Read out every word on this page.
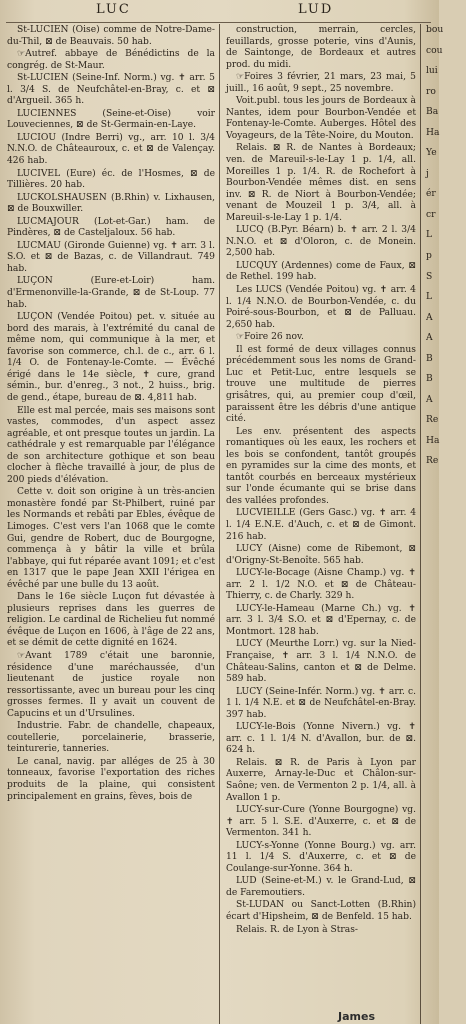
LUC	LUD

St-LUCIEN (Oise) comme de Notre-Dame-du-Thil, ⊠ de Beauvais. 50 hab.

☞Autref. abbaye de Bénédictins de la congrég. de St-Maur.

St-LUCIEN (Seine-Inf. Norm.) vg. ✝ arr. 5 l. 3/4 S. de Neufchâtel-en-Bray, c. et ⊠ d'Argueil. 365 h.

LUCIENNES (Seine-et-Oise) voir Louveciennes, ⊠ de St-Germain-en-Laye.

LUCIOU (Indre Berri) vg., arr. 10 l. 3/4 N.N.O. de Châteauroux, c. et ⊠ de Valençay. 426 hab.

LUCIVEL (Eure) éc. de l'Hosmes, ⊠ de Tillières. 20 hab.

LUCKOLSHAUSEN (B.Rhin) v. Lixhausen, ⊠ de Bouxwiller.

LUCMAJOUR (Lot-et-Gar.) ham. de Pindères, ⊠ de Casteljaloux. 56 hab.

LUCMAU (Gironde Guienne) vg. ✝ arr. 3 l. S.O. et ⊠ de Bazas, c. de Villandraut. 749 hab.

LUÇON (Eure-et-Loir) ham. d'Ermenonville-la-Grande, ⊠ de St-Loup. 77 hab.

LUÇON (Vendée Poitou) pet. v. située au bord des marais, à l'extrémité du canal de même nom, qui communique à la mer, et favorise son commerce, ch.l. de c., arr. 6 l. 1/4 O. de Fontenay-le-Comte. — Évêché érigé dans le 14e siècle, ✝ cure, grand sémin., bur. d'enreg., 3 not., 2 huiss., brig. de gend., étape, bureau de ⊠. 4,811 hab.

Elle est mal percée, mais ses maisons sont vastes, commodes, d'un aspect assez agréable, et ont presque toutes un jardin. La cathédrale y est remarquable par l'élégance de son architecture gothique et son beau clocher à flèche travaillé à jour, de plus de 200 pieds d'élévation.

Cette v. doit son origine à un très-ancien monastère fondé par St-Philbert, ruiné par les Normands et rebâti par Ebles, évêque de Limoges. C'est vers l'an 1068 que le comte Gui, gendre de Robert, duc de Bourgogne, commença à y bâtir la ville et brûla l'abbaye, qui fut réparée avant 1091; et c'est en 1317 que le pape Jean XXII l'érigea en évêché par une bulle du 13 août.

Dans le 16e siècle Luçon fut dévastée à plusieurs reprises dans les guerres de religion. Le cardinal de Richelieu fut nommé évêque de Luçon en 1606, à l'âge de 22 ans, et se démit de cette dignité en 1624.

☞Avant 1789 c'était une baronnie, résidence d'une maréchaussée, d'un lieutenant de justice royale non ressortissante, avec un bureau pour les cinq grosses fermes. Il y avait un couvent de Capucins et un d'Ursulines.

Industrie. Fabr. de chandelle, chapeaux, coutellerie, porcelainerie, brasserie, teinturerie, tanneries.

Le canal, navig. par alléges de 25 à 30 tonneaux, favorise l'exportation des riches produits de la plaine, qui consistent principalement en grains, fèves, bois de

construction, merrain, cercles, feuillards, grosse poterie, vins d'Aunis, de Saintonge, de Bordeaux et autres prod. du midi.

☞Foires 3 février, 21 mars, 23 mai, 5 juill., 16 août, 9 sept., 25 novembre.

Voit.publ. tous les jours de Bordeaux à Nantes, idem pour Bourbon-Vendée et Fontenay-le-Comte. Auberges. Hôtel des Voyageurs, de la Tête-Noire, du Mouton.

Relais. ⊠ R. de Nantes à Bordeaux; ven. de Mareuil-s-le-Lay 1 p. 1/4, all. Moreilles 1 p. 1/4. R. de Rochefort à Bourbon-Vendée mêmes dist. en sens inv. ⊠ R. de Niort à Bourbon-Vendée; venant de Mouzeil 1 p. 3/4, all. à Mareuil-s-le-Lay 1 p. 1/4.

LUCQ (B.Pyr. Béarn) b. ✝ arr. 2 l. 3/4 N.N.O. et ⊠ d'Oloron, c. de Monein. 2,500 hab.

LUCQUY (Ardennes) come de Faux, ⊠ de Rethel. 199 hab.

Les LUCS (Vendée Poitou) vg. ✝ arr. 4 l. 1/4 N.N.O. de Bourbon-Vendée, c. du Poiré-sous-Bourbon, et ⊠ de Palluau. 2,650 hab.

☞Foire 26 nov.

Il est formé de deux villages connus précédemment sous les noms de Grand-Luc et Petit-Luc, entre lesquels se trouve une multitude de pierres grisâtres, qui, au premier coup d'œil, paraissent être les débris d'une antique cité.

Les env. présentent des aspects romantiques où les eaux, les rochers et les bois se confondent, tantôt groupés en pyramides sur la cime des monts, et tantôt courbés en berceaux mystérieux sur l'onde écumante qui se brise dans des vallées profondes.

LUCVIEILLE (Gers Gasc.) vg. ✝ arr. 4 l. 1/4 E.N.E. d'Auch, c. et ⊠ de Gimont. 216 hab.

LUCY (Aisne) come de Ribemont, ⊠ d'Origny-St-Benoîte. 565 hab.

LUCY-le-Bocage (Aisne Champ.) vg. ✝ arr. 2 l. 1/2 N.O. et ⊠ de Château-Thierry, c. de Charly. 329 h.

LUCY-le-Hameau (Marne Ch.) vg. ✝ arr. 3 l. 3/4 S.O. et ⊠ d'Epernay, c. de Montmort. 128 hab.

LUCY (Meurthe Lorr.) vg. sur la Nied-Française, ✝ arr. 3 l. 1/4 N.N.O. de Château-Salins, canton et ⊠ de Delme. 589 hab.

LUCY (Seine-Infér. Norm.) vg. ✝ arr. c. 1 l. 1/4 N.E. et ⊠ de Neufchâtel-en-Bray. 397 hab.

LUCY-le-Bois (Yonne Nivern.) vg. ✝ arr. c. 1 l. 1/4 N. d'Avallon, bur. de ⊠. 624 h.

Relais. ⊠ R. de Paris à Lyon par Auxerre, Arnay-le-Duc et Châlon-sur-Saône; ven. de Vermenton 2 p. 1/4, all. à Avallon 1 p.

LUCY-sur-Cure (Yonne Bourgogne) vg. ✝ arr. 5 l. S.E. d'Auxerre, c. et ⊠ de Vermenton. 341 h.

LUCY-s-Yonne (Yonne Bourg.) vg. arr. 11 l. 1/4 S. d'Auxerre, c. et ⊠ de Coulange-sur-Yonne. 364 h.

LUD (Seine-et-M.) v. le Grand-Lud, ⊠ de Faremoutiers.

St-LUDAN ou Sanct-Lotten (B.Rhin) écart d'Hipsheim, ⊠ de Benfeld. 15 hab.

Relais. R. de Lyon à Stras-

bou
cou
lui
ro
Ba
Ha
Ye
j
ér
cr
L
p
S
L
A
A
B
B
A
Re
Ha
Re
James
